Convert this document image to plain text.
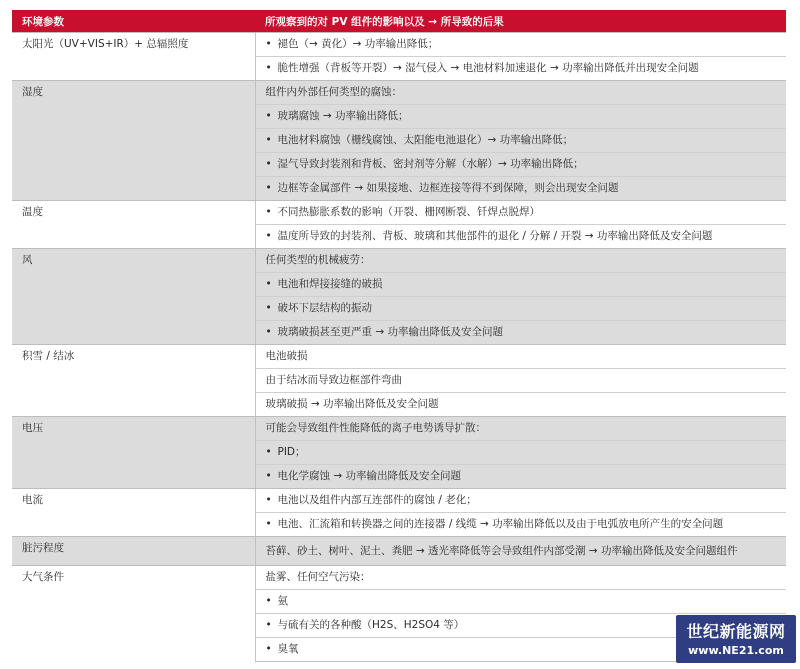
环境参数	所观察到的对 PV 组件的影响以及 → 所导致的后果
太阳光（UV+VIS+IR）+ 总辐照度	• 褪色（→ 黄化）→ 功率输出降低；
	• 脆性增强（背板等开裂）→ 湿气侵入 → 电池材料加速退化 → 功率输出降低并出现安全问题
湿度	组件内外部任何类型的腐蚀：
	• 玻璃腐蚀 → 功率输出降低；
	• 电池材料腐蚀（栅线腐蚀、太阳能电池退化）→ 功率输出降低；
	• 湿气导致封装剂和背板、密封剂等分解（水解）→ 功率输出降低；
	• 边框等金属部件 → 如果接地、边框连接等得不到保障，则会出现安全问题
温度	• 不同热膨胀系数的影响（开裂、栅网断裂、钎焊点脱焊）
	• 温度所导致的封装剂、背板、玻璃和其他部件的退化 / 分解 / 开裂 → 功率输出降低及安全问题
风	任何类型的机械疲劳：
	• 电池和焊接接缝的破损
	• 破坏下层结构的振动
	• 玻璃破损甚至更严重 → 功率输出降低及安全问题
积雪 / 结冰	电池破损
	由于结冰而导致边框部件弯曲
	玻璃破损 → 功率输出降低及安全问题
电压	可能会导致组件性能降低的离子电势诱导扩散：
	• PID；
	• 电化学腐蚀 → 功率输出降低及安全问题
电流	• 电池以及组件内部互连部件的腐蚀 / 老化；
	• 电池、汇流箱和转换器之间的连接器 / 线缆 → 功率输出降低以及由于电弧放电所产生的安全问题
脏污程度	苔藓、砂土、树叶、泥土、粪肥 → 透光率降低等会导致组件内部受潮 → 功率输出降低及安全问题组件
大气条件	盐雾、任何空气污染：
	• 氨
	• 与硫有关的各种酸（H2S、H2SO4 等）
	• 臭氧
世纪新能源网
www.NE21.com
